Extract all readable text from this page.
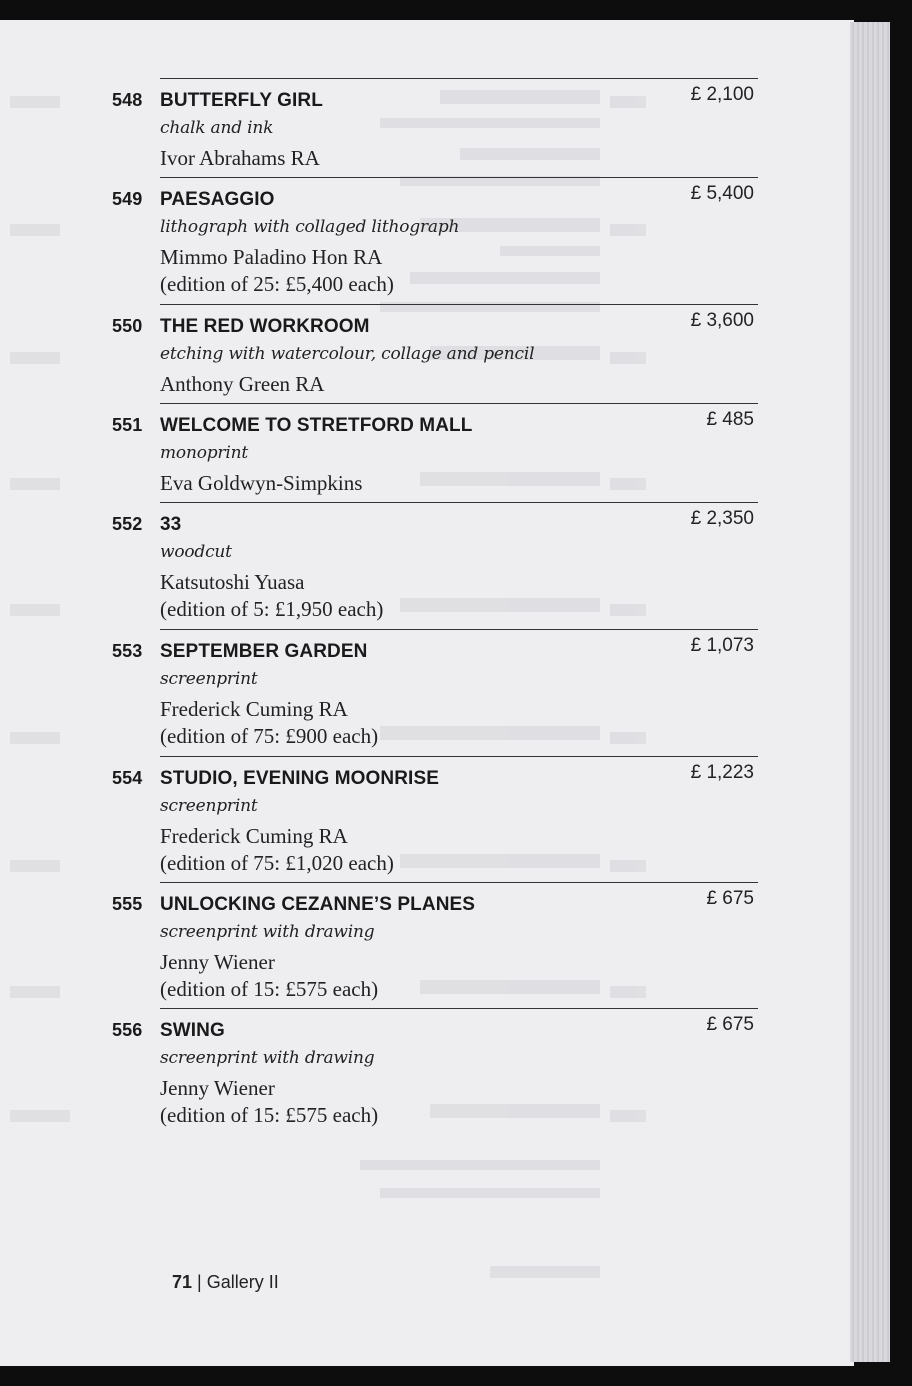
548 BUTTERFLY GIRL	£ 2,100
chalk and ink
Ivor Abrahams RA
549 PAESAGGIO	£ 5,400
lithograph with collaged lithograph
Mimmo Paladino Hon RA
(edition of 25: £5,400 each)
550 THE RED WORKROOM	£ 3,600
etching with watercolour, collage and pencil
Anthony Green RA
551 WELCOME TO STRETFORD MALL	£ 485
monoprint
Eva Goldwyn-Simpkins
552 33	£ 2,350
woodcut
Katsutoshi Yuasa
(edition of 5: £1,950 each)
553 SEPTEMBER GARDEN	£ 1,073
screenprint
Frederick Cuming RA
(edition of 75: £900 each)
554 STUDIO, EVENING MOONRISE	£ 1,223
screenprint
Frederick Cuming RA
(edition of 75: £1,020 each)
555 UNLOCKING CEZANNE’S PLANES	£ 675
screenprint with drawing
Jenny Wiener
(edition of 15: £575 each)
556 SWING	£ 675
screenprint with drawing
Jenny Wiener
(edition of 15: £575 each)
71 | Gallery II
